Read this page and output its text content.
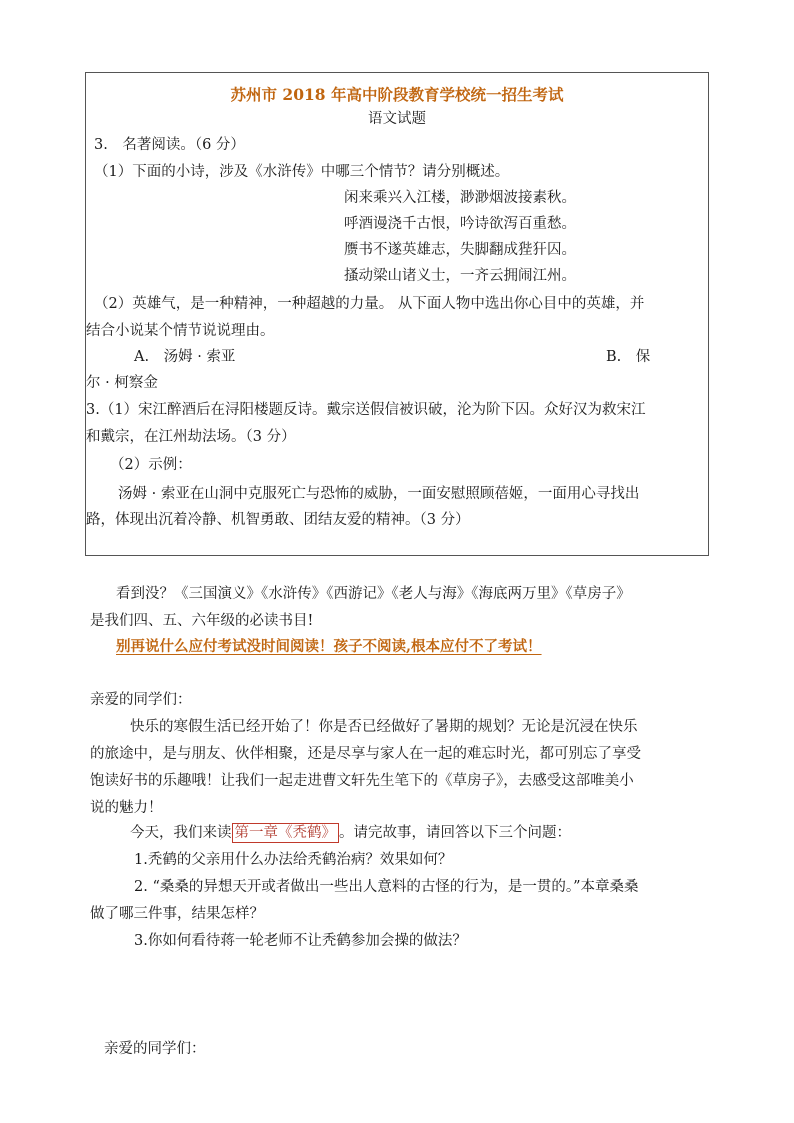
苏州市 2018 年高中阶段教育学校统一招生考试
语文试题
3.　名著阅读。（6 分）
（1）下面的小诗，涉及《水浒传》中哪三个情节？请分别概述。
闲来乘兴入江楼，渺渺烟波接素秋。
呼酒谩浇千古恨，吟诗欲泻百重愁。
赝书不遂英雄志，失脚翻成狴犴囚。
搔动梁山诸义士，一齐云拥闹江州。
（2）英雄气，是一种精神，一种超越的力量。 从下面人物中选出你心目中的英雄，并
结合小说某个情节说说理由。
A.　汤姆 · 索亚	B.　保
尔 · 柯察金
3.（1）宋江醉酒后在浔阳楼题反诗。戴宗送假信被识破，沦为阶下囚。众好汉为救宋江
和戴宗，在江州劫法场。（3 分）
（2）示例：
汤姆 · 索亚在山洞中克服死亡与恐怖的威胁，一面安慰照顾蓓姬，一面用心寻找出
路，体现出沉着冷静、机智勇敢、团结友爱的精神。（3 分）
看到没？《三国演义》《水浒传》《西游记》《老人与海》《海底两万里》《草房子》
是我们四、五、六年级的必读书目!
别再说什么应付考试没时间阅读！孩子不阅读,根本应付不了考试！
亲爱的同学们：
快乐的寒假生活已经开始了！你是否已经做好了暑期的规划？无论是沉浸在快乐
的旅途中，是与朋友、伙伴相聚，还是尽享与家人在一起的难忘时光，都可别忘了享受
饱读好书的乐趣哦！让我们一起走进曹文轩先生笔下的《草房子》，去感受这部唯美小
说的魅力！
今天，我们来读 第一章《秃鹤》 。请完故事，请回答以下三个问题：
1.秃鹤的父亲用什么办法给秃鹤治病？效果如何？
2. “桑桑的异想天开或者做出一些出人意料的古怪的行为，是一贯的。”本章桑桑
做了哪三件事，结果怎样？
3.你如何看待蒋一轮老师不让秃鹤参加会操的做法？
亲爱的同学们：
